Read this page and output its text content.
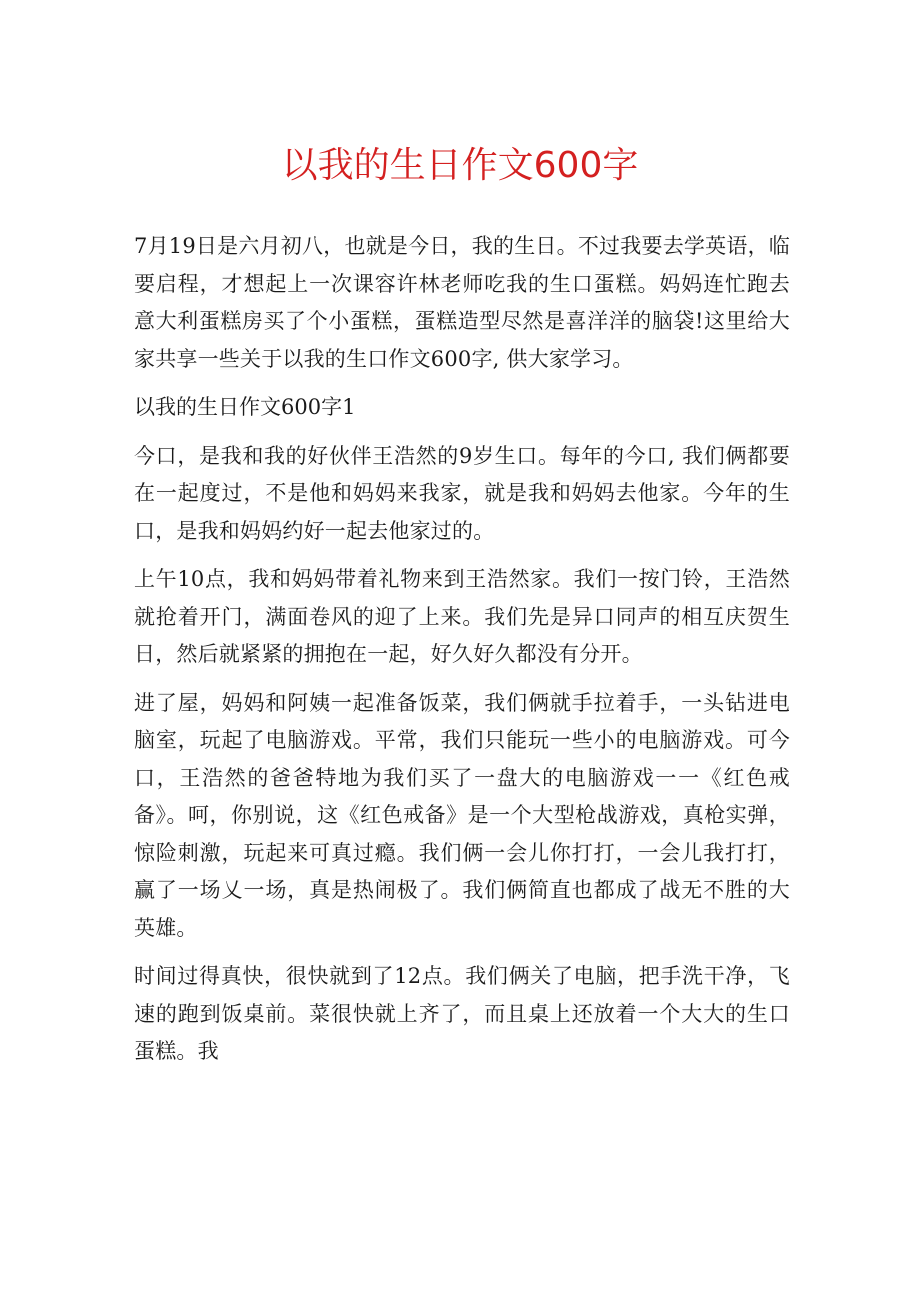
以我的生日作文600字

7月19日是六月初八，也就是今日，我的生日。不过我要去学英语，临要启程，才想起上一次课容许林老师吃我的生口蛋糕。妈妈连忙跑去意大利蛋糕房买了个小蛋糕，蛋糕造型尽然是喜洋洋的脑袋!这里给大家共享一些关于以我的生口作文600字, 供大家学习。

以我的生日作文600字1

今口，是我和我的好伙伴王浩然的9岁生口。每年的今口, 我们俩都要在一起度过，不是他和妈妈来我家，就是我和妈妈去他家。今年的生口，是我和妈妈约好一起去他家过的。

上午10点，我和妈妈带着礼物来到王浩然家。我们一按门铃，王浩然就抢着开门，满面卷风的迎了上来。我们先是异口同声的相互庆贺生日，然后就紧紧的拥抱在一起，好久好久都没有分开。

进了屋，妈妈和阿姨一起准备饭菜，我们俩就手拉着手，一头钻进电脑室，玩起了电脑游戏。平常，我们只能玩一些小的电脑游戏。可今口，王浩然的爸爸特地为我们买了一盘大的电脑游戏一一《红色戒备》。呵，你别说，这《红色戒备》是一个大型枪战游戏，真枪实弹，惊险刺激，玩起来可真过瘾。我们俩一会儿你打打，一会儿我打打，赢了一场乂一场，真是热闹极了。我们俩简直也都成了战无不胜的大英雄。

时间过得真快，很快就到了12点。我们俩关了电脑，把手洗干净，飞速的跑到饭桌前。菜很快就上齐了，而且桌上还放着一个大大的生口蛋糕。我
